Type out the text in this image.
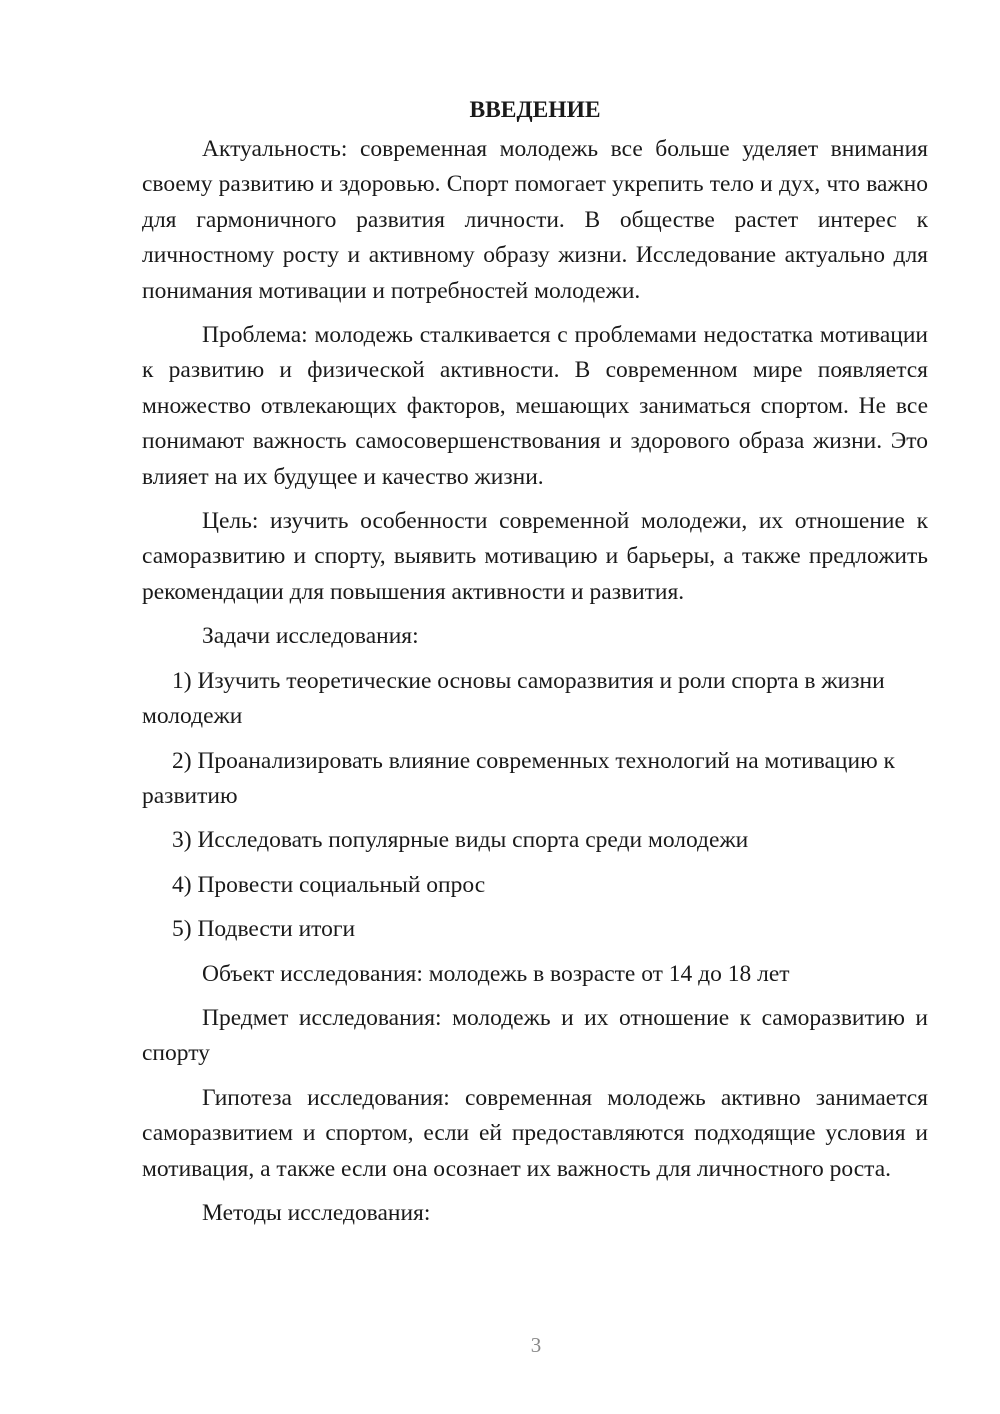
ВВЕДЕНИЕ

Актуальность: современная молодежь все больше уделяет внимания своему развитию и здоровью. Спорт помогает укрепить тело и дух, что важно для гармоничного развития личности. В обществе растет интерес к личностному росту и активному образу жизни. Исследование актуально для понимания мотивации и потребностей молодежи.

Проблема: молодежь сталкивается с проблемами недостатка мотивации к развитию и физической активности. В современном мире появляется множество отвлекающих факторов, мешающих заниматься спортом. Не все понимают важность самосовершенствования и здорового образа жизни. Это влияет на их будущее и качество жизни.

Цель: изучить особенности современной молодежи, их отношение к саморазвитию и спорту, выявить мотивацию и барьеры, а также предложить рекомендации для повышения активности и развития.

Задачи исследования:

1) Изучить теоретические основы саморазвития и роли спорта в жизни молодежи

2) Проанализировать влияние современных технологий на мотивацию к развитию

3) Исследовать популярные виды спорта среди молодежи

4) Провести социальный опрос

5) Подвести итоги

Объект исследования: молодежь в возрасте от 14 до 18 лет

Предмет исследования: молодежь и их отношение к саморазвитию и спорту

Гипотеза исследования: современная молодежь активно занимается саморазвитием и спортом, если ей предоставляются подходящие условия и мотивация, а также если она осознает их важность для личностного роста.

Методы исследования:

3
